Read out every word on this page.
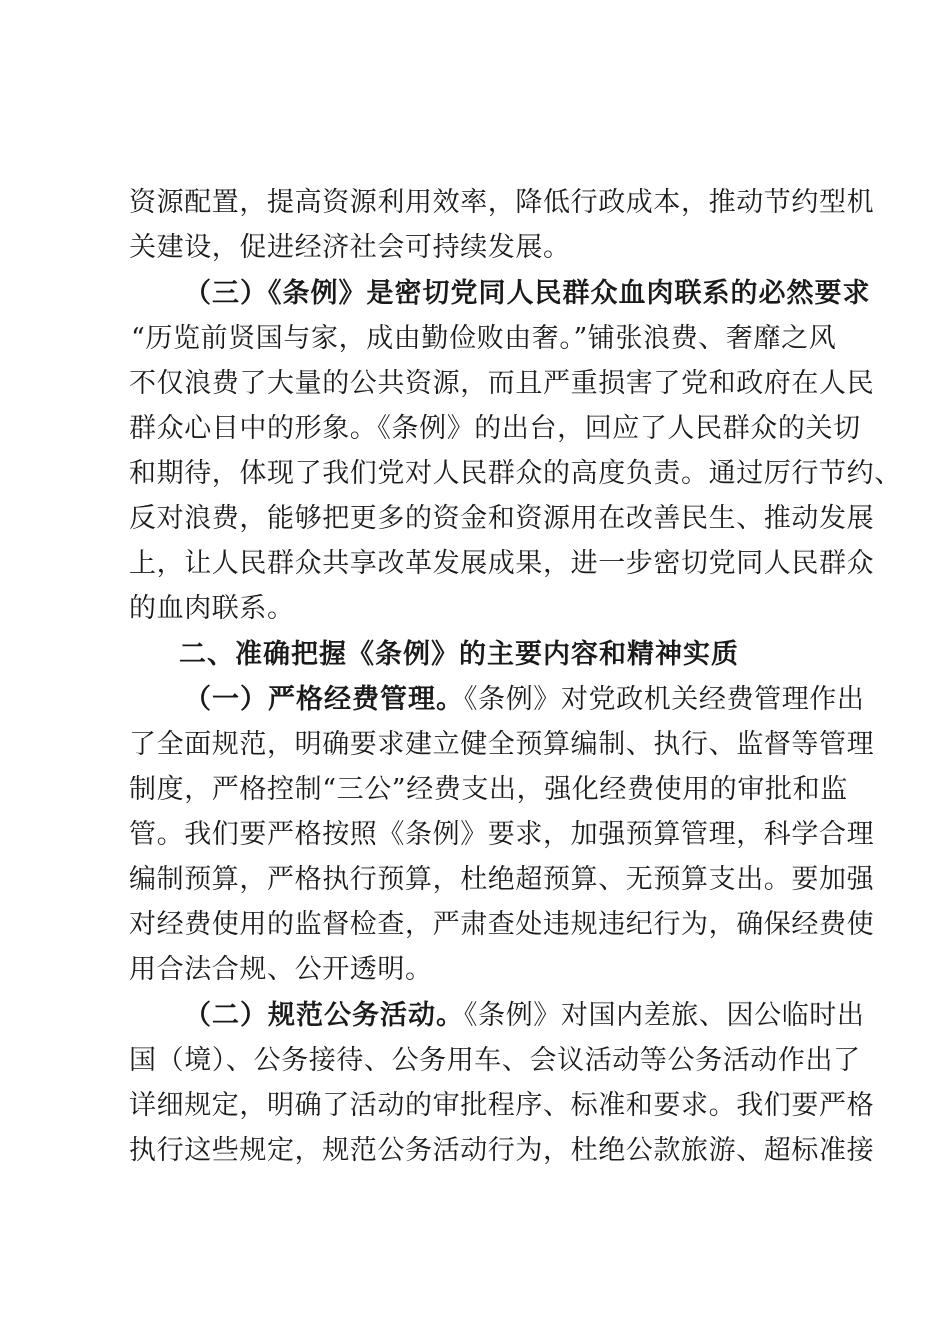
资源配置，提高资源利用效率，降低行政成本，推动节约型机
关建设，促进经济社会可持续发展。
（三）《条例》是密切党同人民群众血肉联系的必然要求
“历览前贤国与家，成由勤俭败由奢。”铺张浪费、奢靡之风
不仅浪费了大量的公共资源，而且严重损害了党和政府在人民
群众心目中的形象。《条例》的出台，回应了人民群众的关切
和期待，体现了我们党对人民群众的高度负责。通过厉行节约、
反对浪费，能够把更多的资金和资源用在改善民生、推动发展
上，让人民群众共享改革发展成果，进一步密切党同人民群众
的血肉联系。
二、准确把握《条例》的主要内容和精神实质
（一）严格经费管理。《条例》对党政机关经费管理作出
了全面规范，明确要求建立健全预算编制、执行、监督等管理
制度，严格控制“三公”经费支出，强化经费使用的审批和监
管。我们要严格按照《条例》要求，加强预算管理，科学合理
编制预算，严格执行预算，杜绝超预算、无预算支出。要加强
对经费使用的监督检查，严肃查处违规违纪行为，确保经费使
用合法合规、公开透明。
（二）规范公务活动。《条例》对国内差旅、因公临时出
国（境）、公务接待、公务用车、会议活动等公务活动作出了
详细规定，明确了活动的审批程序、标准和要求。我们要严格
执行这些规定，规范公务活动行为，杜绝公款旅游、超标准接
